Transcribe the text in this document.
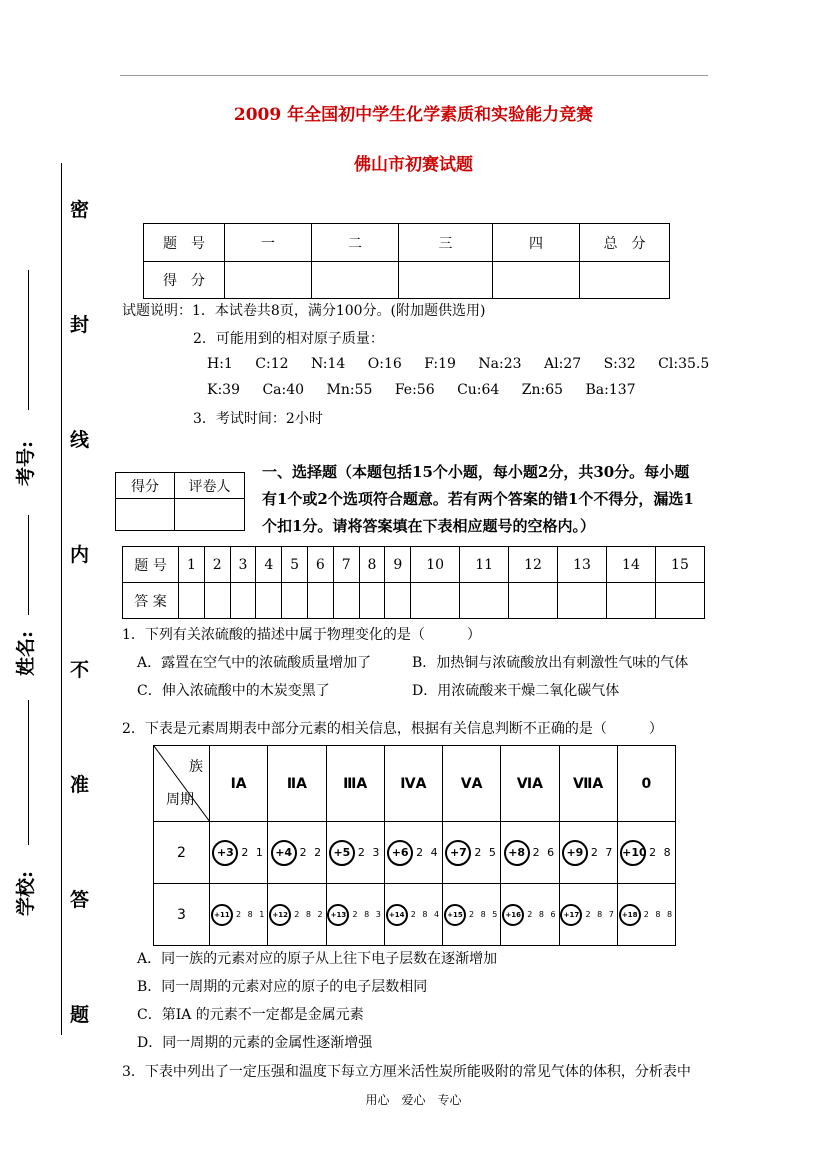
2009 年全国初中学生化学素质和实验能力竞赛
佛山市初赛试题
密
封
线
内
不
准
答
题
考号:
姓名:
学校:
题　号	一	二	三	四	总　分
得　分					
试题说明：1．本试卷共8页，满分100分。(附加题供选用)
2．可能用到的相对原子质量：
H:1 C:12 N:14 O:16 F:19 Na:23 Al:27 S:32 Cl:35.5
K:39 Ca:40 Mn:55 Fe:56 Cu:64 Zn:65 Ba:137
3．考试时间：2小时
得分	评卷人

一、选择题（本题包括15个小题，每小题2分，共30分。每小题
有1个或2个选项符合题意。若有两个答案的错1个不得分，漏选1
个扣1分。请将答案填在下表相应题号的空格内。）
题 号	1	2	3	4	5	6	7	8	9	10	11	12	13	14	15
答 案															
1．下列有关浓硫酸的描述中属于物理变化的是（　　　）
A．露置在空气中的浓硫酸质量增加了	B．加热铜与浓硫酸放出有刺激性气味的气体
C．伸入浓硫酸中的木炭变黑了	D．用浓硫酸来干燥二氧化碳气体
2．下表是元素周期表中部分元素的相关信息，根据有关信息判断不正确的是（　　　）
族
周期	ⅠA	ⅡA	ⅢA	ⅣA	ⅤA	ⅥA	ⅦA	0
2	+3 2 1	+4 2 2	+5 2 3	+6 2 4	+7 2 5	+8 2 6	+9 2 7	+10 2 8

3	+11 2 8 1	+12 2 8 2	+13 2 8 3	+14 2 8 4	+15 2 8 5	+16 2 8 6	+17 2 8 7	+18 2 8 8
A．同一族的元素对应的原子从上往下电子层数在逐渐增加
B．同一周期的元素对应的原子的电子层数相同
C．第IA 的元素不一定都是金属元素
D．同一周期的元素的金属性逐渐增强
3．下表中列出了一定压强和温度下每立方厘米活性炭所能吸附的常见气体的体积，分析表中
用心　爱心　专心
